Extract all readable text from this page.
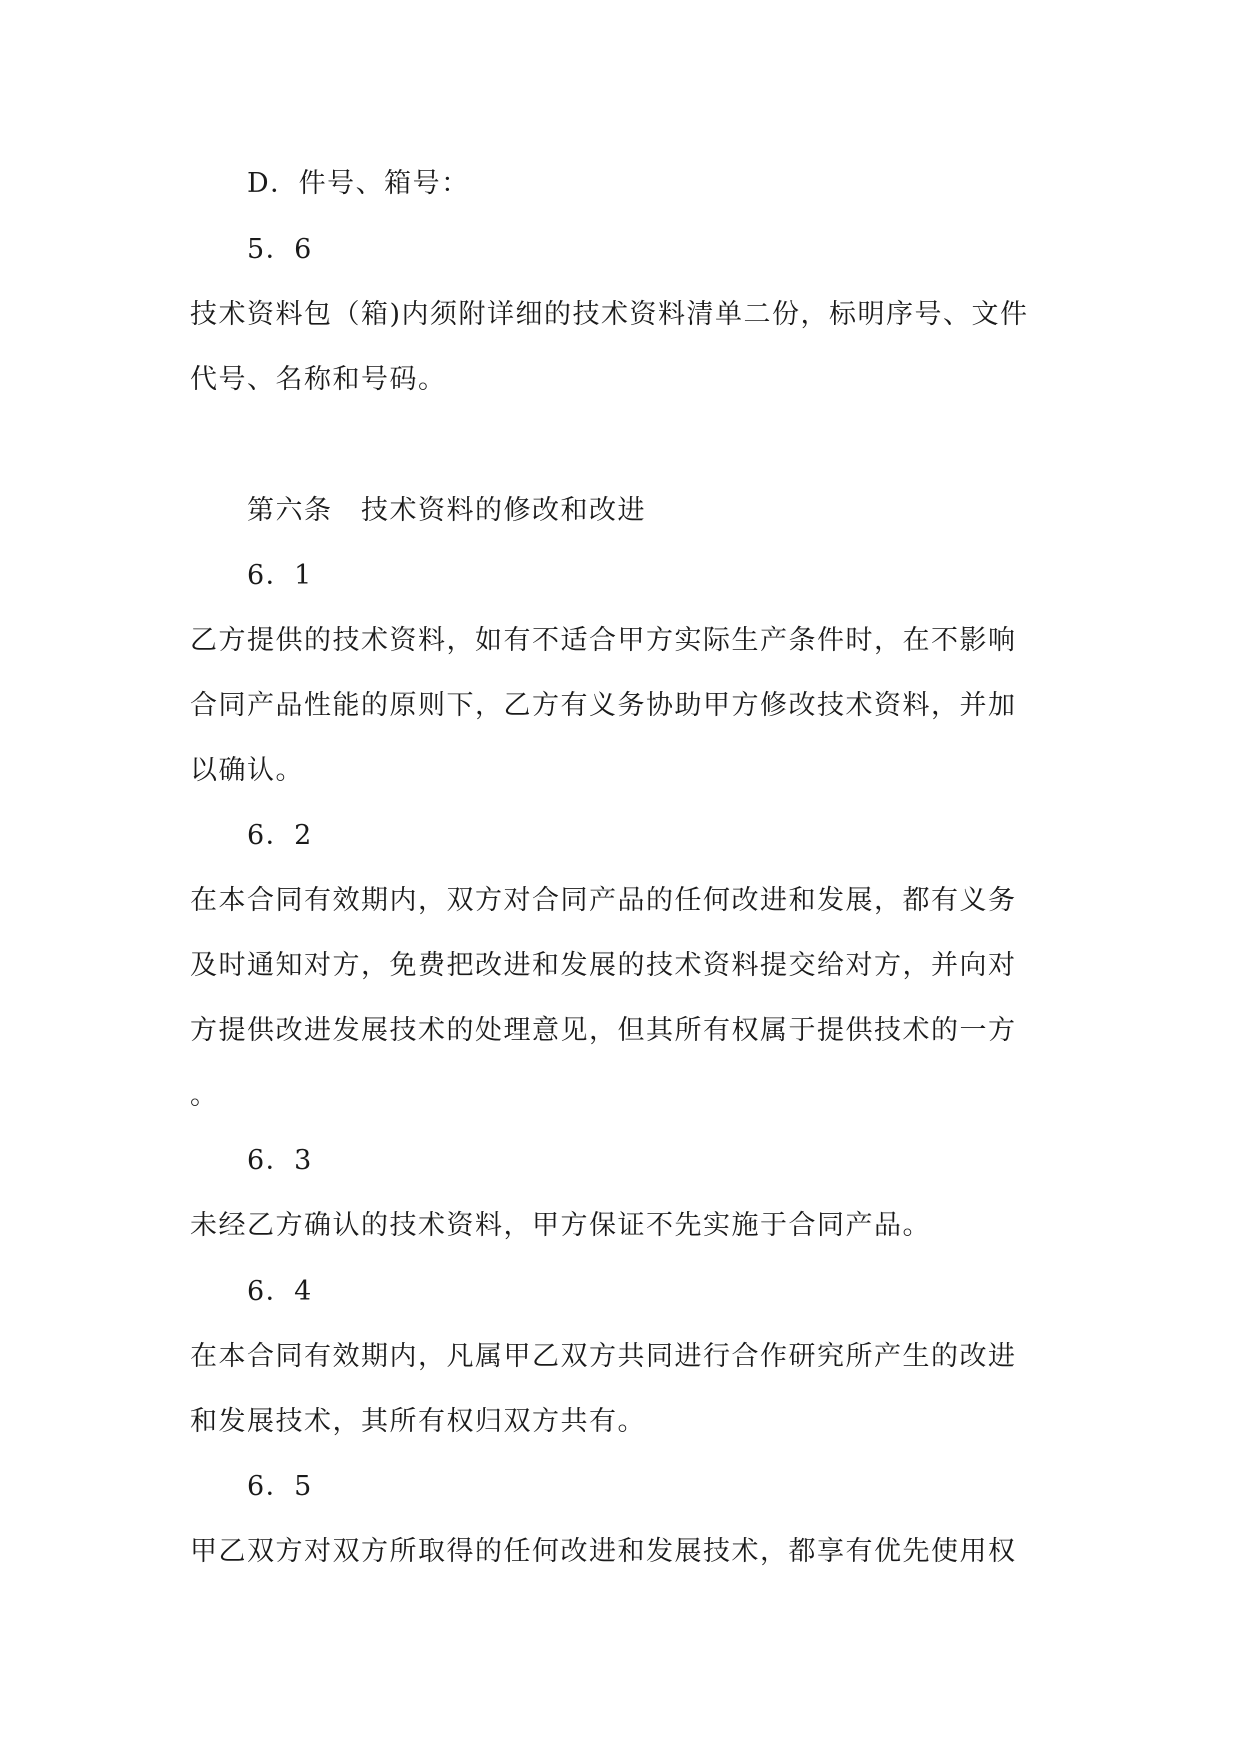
D．件号、箱号：
5．6
技术资料包（箱)内须附详细的技术资料清单二份，标明序号、文件
代号、名称和号码。
第六条　技术资料的修改和改进
6．1
乙方提供的技术资料，如有不适合甲方实际生产条件时，在不影响
合同产品性能的原则下，乙方有义务协助甲方修改技术资料，并加
以确认。
6．2
在本合同有效期内，双方对合同产品的任何改进和发展，都有义务
及时通知对方，免费把改进和发展的技术资料提交给对方，并向对
方提供改进发展技术的处理意见，但其所有权属于提供技术的一方
。
6．3
未经乙方确认的技术资料，甲方保证不先实施于合同产品。
6．4
在本合同有效期内，凡属甲乙双方共同进行合作研究所产生的改进
和发展技术，其所有权归双方共有。
6．5
甲乙双方对双方所取得的任何改进和发展技术，都享有优先使用权
